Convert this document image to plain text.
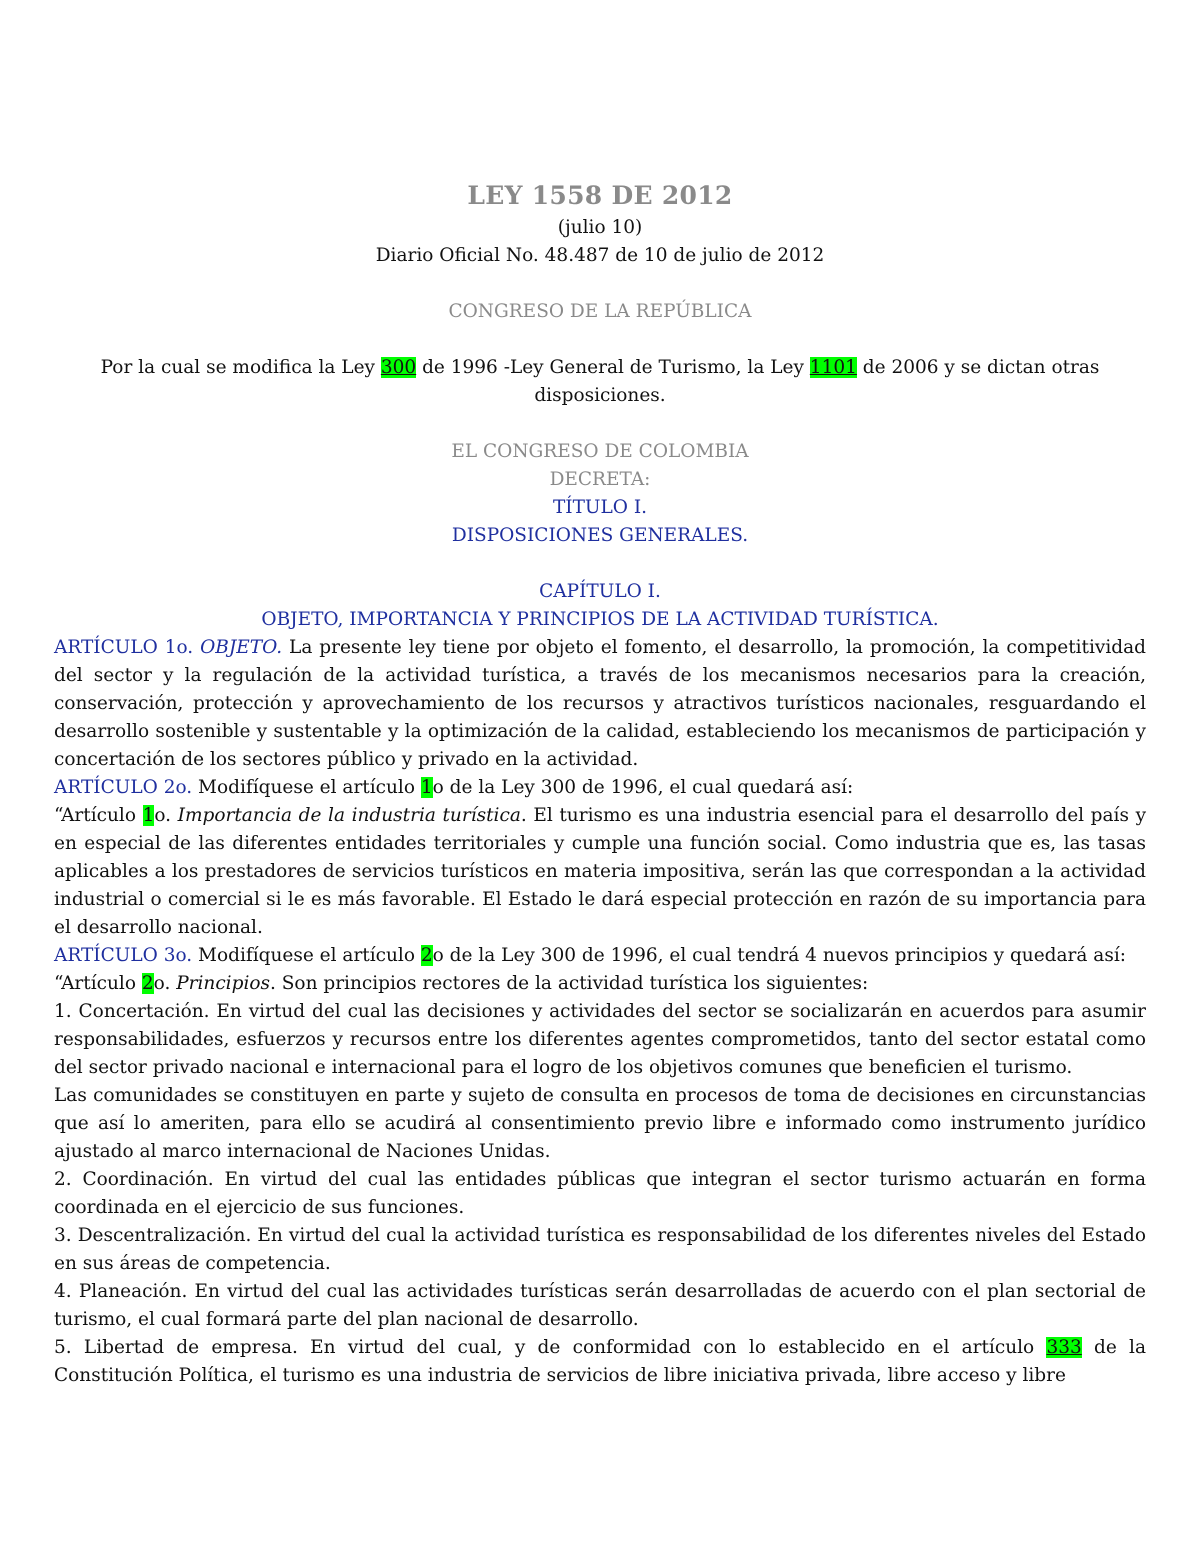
LEY 1558 DE 2012
(julio 10)
Diario Oficial No. 48.487 de 10 de julio de 2012
CONGRESO DE LA REPÚBLICA
Por la cual se modifica la Ley 300 de 1996 -Ley General de Turismo, la Ley 1101 de 2006 y se dictan otras
disposiciones.
EL CONGRESO DE COLOMBIA
DECRETA:
TÍTULO I.
DISPOSICIONES GENERALES.
CAPÍTULO I.
OBJETO, IMPORTANCIA Y PRINCIPIOS DE LA ACTIVIDAD TURÍSTICA.

ARTÍCULO 1o. OBJETO. La presente ley tiene por objeto el fomento, el desarrollo, la promoción, la competitividad del sector y la regulación de la actividad turística, a través de los mecanismos necesarios para la creación, conservación, protección y aprovechamiento de los recursos y atractivos turísticos nacionales, resguardando el desarrollo sostenible y sustentable y la optimización de la calidad, estableciendo los mecanismos de participación y concertación de los sectores público y privado en la actividad.

ARTÍCULO 2o. Modifíquese el artículo 1o de la Ley 300 de 1996, el cual quedará así:

“Artículo 1o. Importancia de la industria turística. El turismo es una industria esencial para el desarrollo del país y en especial de las diferentes entidades territoriales y cumple una función social. Como industria que es, las tasas aplicables a los prestadores de servicios turísticos en materia impositiva, serán las que correspondan a la actividad industrial o comercial si le es más favorable. El Estado le dará especial protección en razón de su importancia para el desarrollo nacional.

ARTÍCULO 3o. Modifíquese el artículo 2o de la Ley 300 de 1996, el cual tendrá 4 nuevos principios y quedará así:

“Artículo 2o. Principios. Son principios rectores de la actividad turística los siguientes:

1. Concertación. En virtud del cual las decisiones y actividades del sector se socializarán en acuerdos para asumir responsabilidades, esfuerzos y recursos entre los diferentes agentes comprometidos, tanto del sector estatal como del sector privado nacional e internacional para el logro de los objetivos comunes que beneficien el turismo.

Las comunidades se constituyen en parte y sujeto de consulta en procesos de toma de decisiones en circunstancias que así lo ameriten, para ello se acudirá al consentimiento previo libre e informado como instrumento jurídico ajustado al marco internacional de Naciones Unidas.

2. Coordinación. En virtud del cual las entidades públicas que integran el sector turismo actuarán en forma coordinada en el ejercicio de sus funciones.

3. Descentralización. En virtud del cual la actividad turística es responsabilidad de los diferentes niveles del Estado en sus áreas de competencia.

4. Planeación. En virtud del cual las actividades turísticas serán desarrolladas de acuerdo con el plan sectorial de turismo, el cual formará parte del plan nacional de desarrollo.

5. Libertad de empresa. En virtud del cual, y de conformidad con lo establecido en el artículo 333 de la Constitución Política, el turismo es una industria de servicios de libre iniciativa privada, libre acceso y libre
